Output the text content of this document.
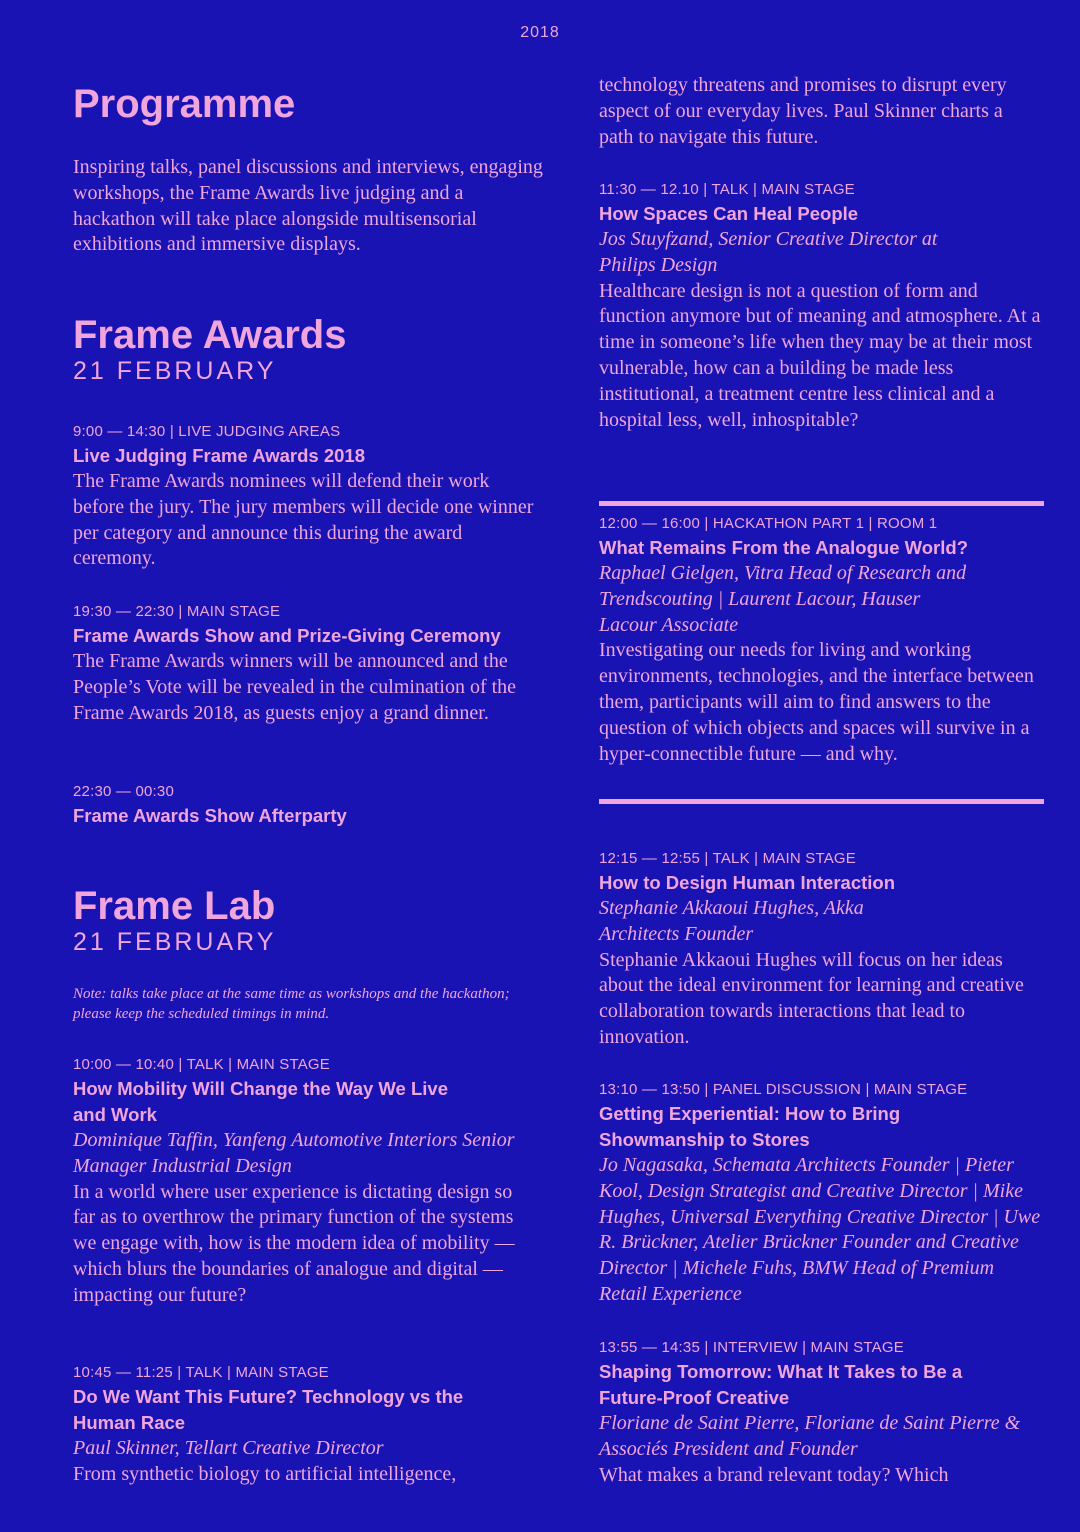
2018
Programme

Inspiring talks, panel discussions and interviews, engaging workshops, the Frame Awards live judging and a hackathon will take place alongside multisensorial exhibitions and immersive displays.

Frame Awards

21 FEBRUARY

9:00 — 14:30 | LIVE JUDGING AREAS

Live Judging Frame Awards 2018

The Frame Awards nominees will defend their work before the jury. The jury members will decide one winner per category and announce this during the award ceremony.

19:30 — 22:30 | MAIN STAGE

Frame Awards Show and Prize-Giving Ceremony

The Frame Awards winners will be announced and the People’s Vote will be revealed in the culmination of the Frame Awards 2018, as guests enjoy a grand dinner.

22:30 — 00:30

Frame Awards Show Afterparty

Frame Lab

21 FEBRUARY

Note: talks take place at the same time as workshops and the hackathon; please keep the scheduled timings in mind.

10:00 — 10:40 | TALK | MAIN STAGE

How Mobility Will Change the Way We Live and Work

Dominique Taffin, Yanfeng Automotive Interiors Senior Manager Industrial Design

In a world where user experience is dictating design so far as to overthrow the primary function of the systems we engage with, how is the modern idea of mobility — which blurs the boundaries of analogue and digital — impacting our future?

10:45 — 11:25 | TALK | MAIN STAGE

Do We Want This Future? Technology vs the Human Race

Paul Skinner, Tellart Creative Director

From synthetic biology to artificial intelligence,

technology threatens and promises to disrupt every aspect of our everyday lives. Paul Skinner charts a path to navigate this future.

11:30 — 12.10 | TALK | MAIN STAGE

How Spaces Can Heal People

Jos Stuyfzand, Senior Creative Director at Philips Design

Healthcare design is not a question of form and function anymore but of meaning and atmosphere. At a time in someone’s life when they may be at their most vulnerable, how can a building be made less institutional, a treatment centre less clinical and a hospital less, well, inhospitable?

12:00 — 16:00 | HACKATHON PART 1 | ROOM 1

What Remains From the Analogue World?

Raphael Gielgen, Vitra Head of Research and Trendscouting | Laurent Lacour, Hauser Lacour Associate

Investigating our needs for living and working environments, technologies, and the interface between them, participants will aim to find answers to the question of which objects and spaces will survive in a hyper-connectible future — and why.

12:15 — 12:55 | TALK | MAIN STAGE

How to Design Human Interaction

Stephanie Akkaoui Hughes, Akka Architects Founder

Stephanie Akkaoui Hughes will focus on her ideas about the ideal environment for learning and creative collaboration towards interactions that lead to innovation.

13:10 — 13:50 | PANEL DISCUSSION | MAIN STAGE

Getting Experiential: How to Bring Showmanship to Stores

Jo Nagasaka, Schemata Architects Founder | Pieter Kool, Design Strategist and Creative Director | Mike Hughes, Universal Everything Creative Director | Uwe R. Brückner, Atelier Brückner Founder and Creative Director | Michele Fuhs, BMW Head of Premium Retail Experience

13:55 — 14:35 | INTERVIEW | MAIN STAGE

Shaping Tomorrow: What It Takes to Be a Future-Proof Creative

Floriane de Saint Pierre, Floriane de Saint Pierre & Associés President and Founder

What makes a brand relevant today? Which
